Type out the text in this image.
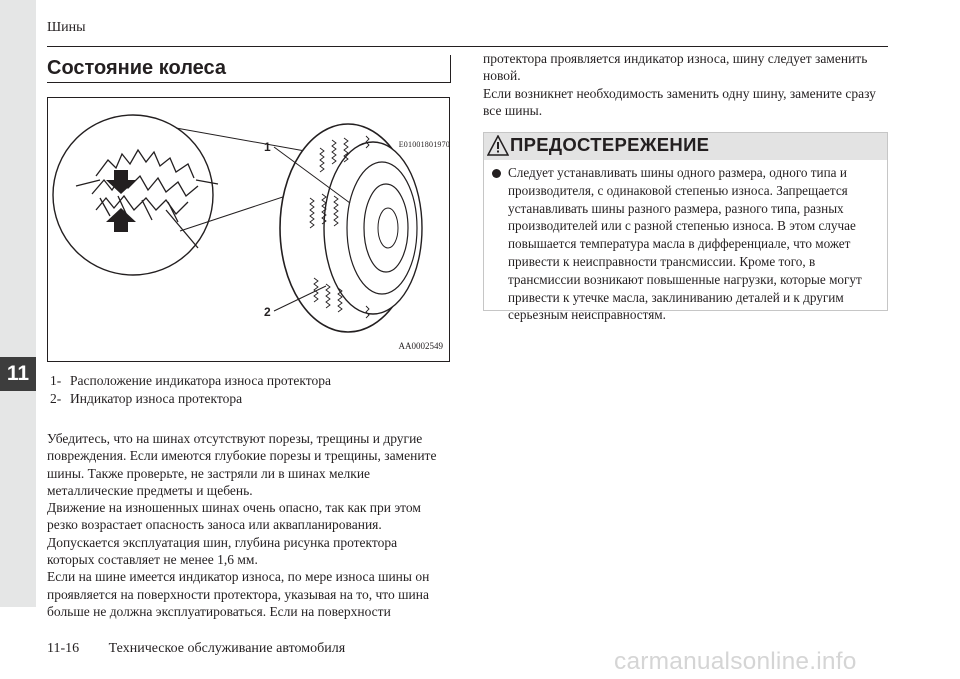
11
Шины
Состояние колеса
E01001801970
1
2
AA0002549
1- Расположение индикатора износа протектора
2- Индикатор износа протектора

Убедитесь, что на шинах отсутствуют порезы, трещины и другие повреждения. Если имеются глубокие порезы и трещины, замените шины. Также проверьте, не застряли ли в шинах мелкие металлические предметы и щебень.

Движение на изношенных шинах очень опасно, так как при этом резко возрастает опасность заноса или аквапланирования.

Допускается эксплуатация шин, глубина рисунка протектора которых составляет не менее 1,6 мм.

Если на шине имеется индикатор износа, по мере износа шины он проявляется на поверхности протектора, указывая на то, что шина больше не должна эксплуатироваться. Если на поверхности

протектора проявляется индикатор износа, шину следует заменить новой.

Если возникнет необходимость заменить одну шину, замените сразу все шины.

ПРЕДОСТЕРЕЖЕНИЕ
Следует устанавливать шины одного размера, одного типа и производителя, с одинаковой степенью износа. Запрещается устанавливать шины разного размера, разного типа, разных производителей или с разной степенью износа. В этом случае повышается температура масла в дифференциале, что может привести к неисправности трансмиссии. Кроме того, в трансмиссии возникают повышенные нагрузки, которые могут привести к утечке масла, заклиниванию деталей и к другим серьезным неисправностям.
11-16 Техническое обслуживание автомобиля	carmanualsonline.info
